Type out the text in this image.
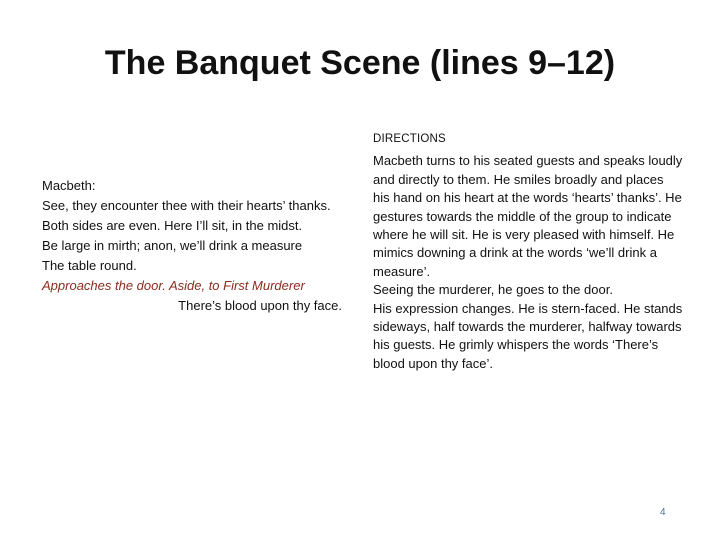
The Banquet Scene (lines 9–12)
Macbeth:
See, they encounter thee with their hearts’ thanks.
Both sides are even. Here I’ll sit, in the midst.
Be large in mirth; anon, we’ll drink a measure
The table round.
Approaches the door. Aside, to First Murderer
There’s blood upon thy face.
DIRECTIONS

Macbeth turns to his seated guests and speaks loudly and directly to them. He smiles broadly and places his hand on his heart at the words ‘hearts’ thanks’. He gestures towards the middle of the group to indicate where he will sit. He is very pleased with himself. He mimics downing a drink at the words ‘we’ll drink a measure’.

Seeing the murderer, he goes to the door.

His expression changes. He is stern-faced. He stands sideways, half towards the murderer, halfway towards his guests. He grimly whispers the words ‘There’s blood upon thy face’.

4
